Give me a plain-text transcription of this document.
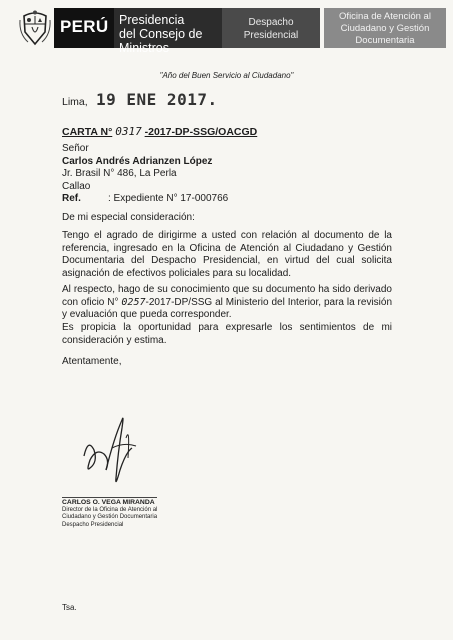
PERÚ Presidencia
del Consejo de Ministros
Despacho
Presidencial
Oficina de Atención al
Ciudadano y Gestión
Documentaria
"Año del Buen Servicio al Ciudadano"
Lima, 19 ENE 2017.
CARTA N° 0317 -2017-DP-SSG/OACGD
Señor
Carlos Andrés Adrianzen López
Jr. Brasil N° 486, La Perla
Callao
Ref.	: Expediente N° 17-000766
De mi especial consideración:
Tengo el agrado de dirigirme a usted con relación al documento de la referencia, ingresado en la Oficina de Atención al Ciudadano y Gestión Documentaria del Despacho Presidencial, en virtud del cual solicita asignación de efectivos policiales para su localidad.
Al respecto, hago de su conocimiento que su documento ha sido derivado con oficio N° 0257-2017-DP/SSG al Ministerio del Interior, para la revisión y evaluación que pueda corresponder.
Es propicia la oportunidad para expresarle los sentimientos de mi consideración y estima.
Atentamente,
CARLOS O. VEGA MIRANDA
Director de la Oficina de Atención al
Ciudadano y Gestión Documentaria
Despacho Presidencial
Tsa.
